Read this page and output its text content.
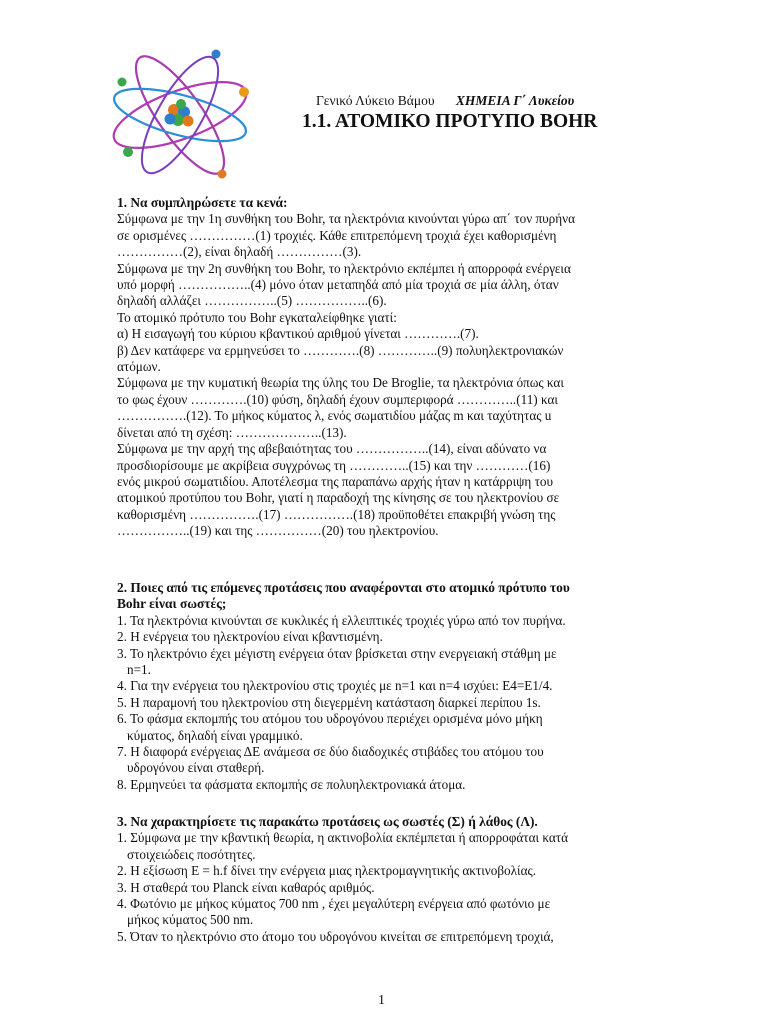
Γενικό Λύκειο Βάμου ΧΗΜΕΙΑ Γ΄ Λυκείου
1.1. ΑΤΟΜΙΚΟ ΠΡΟΤΥΠΟ BOHR
1. Να συμπληρώσετε τα κενά:
Σύμφωνα με την 1η συνθήκη του Bohr, τα ηλεκτρόνια κινούνται γύρω απ΄ τον πυρήνα
σε ορισμένες ……………(1) τροχιές. Κάθε επιτρεπόμενη τροχιά έχει καθορισμένη
……………(2), είναι δηλαδή ……………(3).
Σύμφωνα με την 2η συνθήκη του Bohr, το ηλεκτρόνιο εκπέμπει ή απορροφά ενέργεια
υπό μορφή ……………..(4) μόνο όταν μεταπηδά από μία τροχιά σε μία άλλη, όταν
δηλαδή αλλάζει ……………..(5) ……………..(6).
Το ατομικό πρότυπο του Bohr εγκαταλείφθηκε γιατί:
α) Η εισαγωγή του κύριου κβαντικού αριθμού γίνεται ………….(7).
β) Δεν κατάφερε να ερμηνεύσει το ………….(8) …………..(9) πολυηλεκτρονιακών
ατόμων.
Σύμφωνα με την κυματική θεωρία της ύλης του De Broglie, τα ηλεκτρόνια όπως και
το φως έχουν ………….(10) φύση, δηλαδή έχουν συμπεριφορά …………..(11) και
…………….(12). Το μήκος κύματος λ, ενός σωματιδίου μάζας m και ταχύτητας u
δίνεται από τη σχέση: ………………..(13).
Σύμφωνα με την αρχή της αβεβαιότητας του ……………..(14), είναι αδύνατο να
προσδιορίσουμε με ακρίβεια συγχρόνως τη …………..(15) και την …………(16)
ενός μικρού σωματιδίου. Αποτέλεσμα της παραπάνω αρχής ήταν η κατάρριψη του
ατομικού προτύπου του Bohr, γιατί η παραδοχή της κίνησης σε του ηλεκτρονίου σε
καθορισμένη …………….(17) …………….(18) προϋποθέτει επακριβή γνώση της
……………..(19) και της ……………(20) του ηλεκτρονίου.
2. Ποιες από τις επόμενες προτάσεις που αναφέρονται στο ατομικό πρότυπο του
Bohr είναι σωστές;
1. Τα ηλεκτρόνια κινούνται σε κυκλικές ή ελλειπτικές τροχιές γύρω από τον πυρήνα.
2. Η ενέργεια του ηλεκτρονίου είναι κβαντισμένη.
3. Το ηλεκτρόνιο έχει μέγιστη ενέργεια όταν βρίσκεται στην ενεργειακή στάθμη με
n=1.
4. Για την ενέργεια του ηλεκτρονίου στις τροχιές με n=1 και n=4 ισχύει: E4=E1/4.
5. Η παραμονή του ηλεκτρονίου στη διεγερμένη κατάσταση διαρκεί περίπου 1s.
6. Το φάσμα εκπομπής του ατόμου του υδρογόνου περιέχει ορισμένα μόνο μήκη
κύματος, δηλαδή είναι γραμμικό.
7. Η διαφορά ενέργειας ΔΕ ανάμεσα σε δύο διαδοχικές στιβάδες του ατόμου του
υδρογόνου είναι σταθερή.
8. Ερμηνεύει τα φάσματα εκπομπής σε πολυηλεκτρονιακά άτομα.
3. Να χαρακτηρίσετε τις παρακάτω προτάσεις ως σωστές (Σ) ή λάθος (Λ).
1. Σύμφωνα με την κβαντική θεωρία, η ακτινοβολία εκπέμπεται ή απορροφάται κατά
στοιχειώδεις ποσότητες.
2. Η εξίσωση E = h.f δίνει την ενέργεια μιας ηλεκτρομαγνητικής ακτινοβολίας.
3. Η σταθερά του Planck είναι καθαρός αριθμός.
4. Φωτόνιο με μήκος κύματος 700 nm , έχει μεγαλύτερη ενέργεια από φωτόνιο με
μήκος κύματος 500 nm.
5. Όταν το ηλεκτρόνιο στο άτομο του υδρογόνου κινείται σε επιτρεπόμενη τροχιά,
1
